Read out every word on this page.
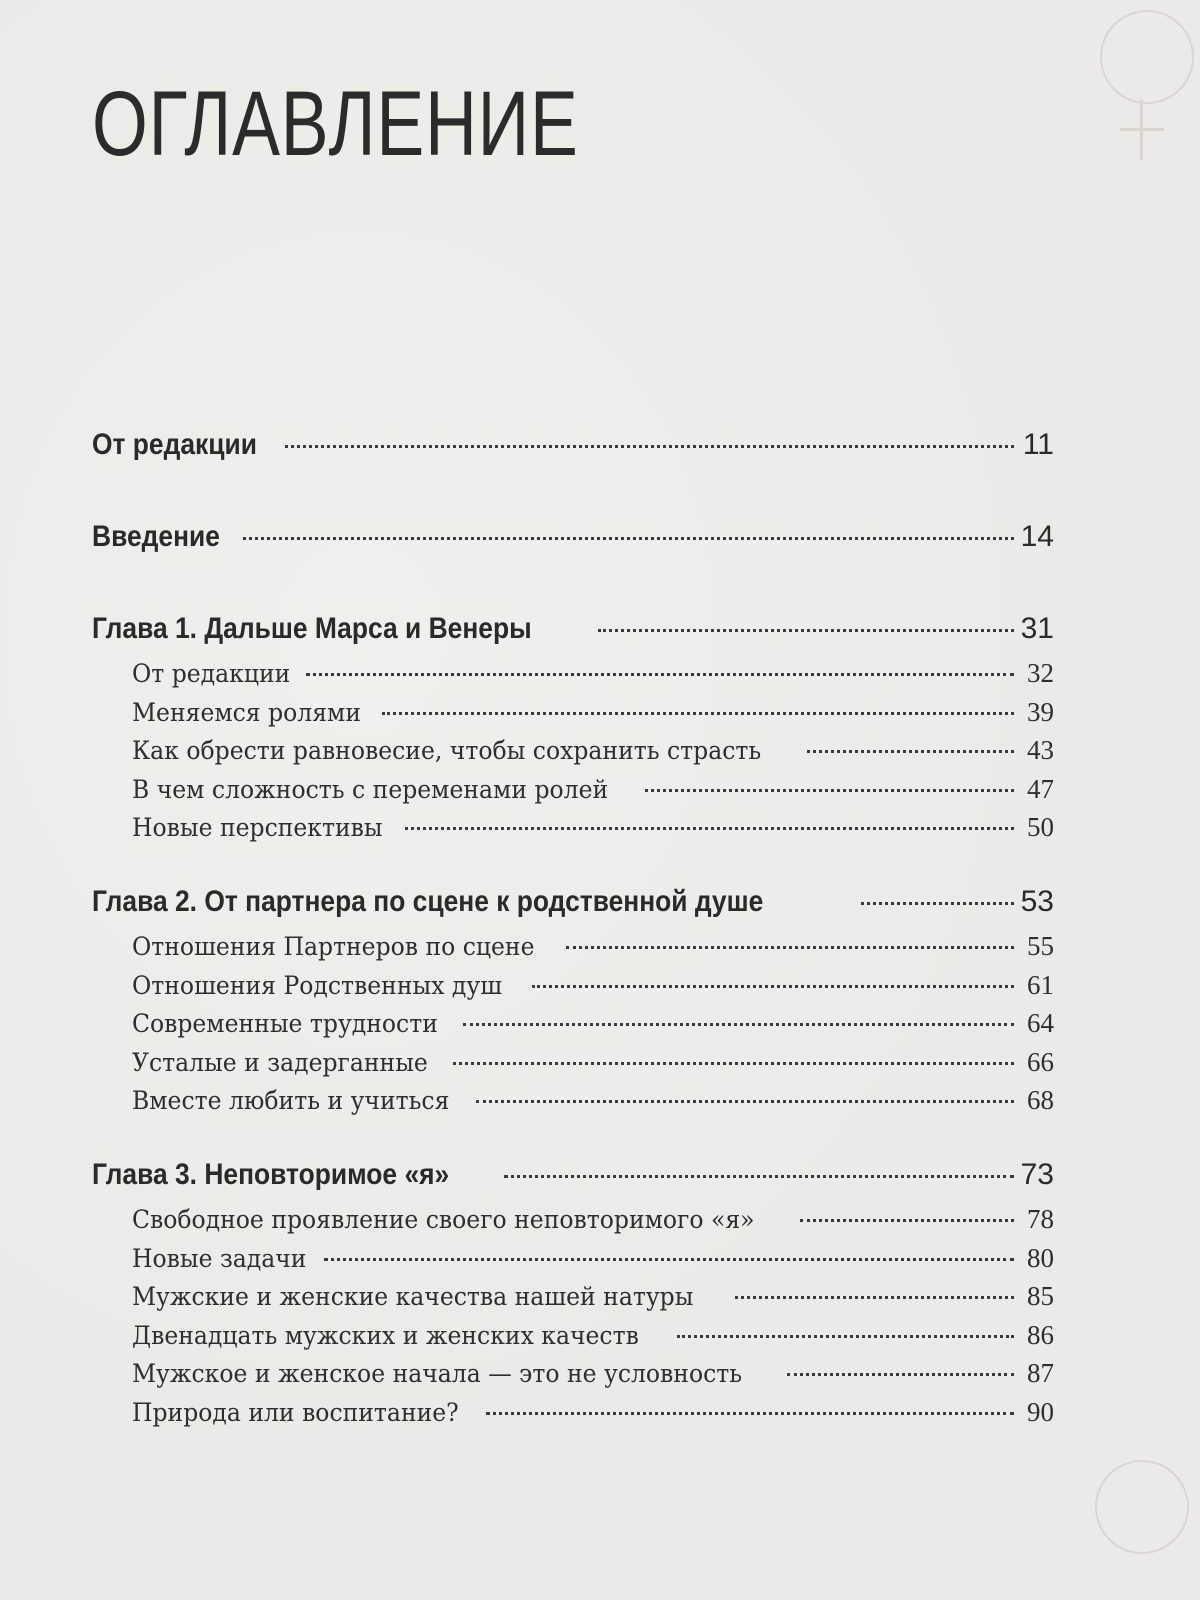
ОГЛАВЛЕНИЕ
От редакции	11
Введение	14
Глава 1. Дальше Марса и Венеры	31
От редакции	32
Меняемся ролями	39
Как обрести равновесие, чтобы сохранить страсть	43
В чем сложность с переменами ролей	47
Новые перспективы	50
Глава 2. От партнера по сцене к родственной душе	53
Отношения Партнеров по сцене	55
Отношения Родственных душ	61
Современные трудности	64
Усталые и задерганные	66
Вместе любить и учиться	68
Глава 3. Неповторимое «я»	73
Свободное проявление своего неповторимого «я»	78
Новые задачи	80
Мужские и женские качества нашей натуры	85
Двенадцать мужских и женских качеств	86
Мужское и женское начала — это не условность	87
Природа или воспитание?	90
